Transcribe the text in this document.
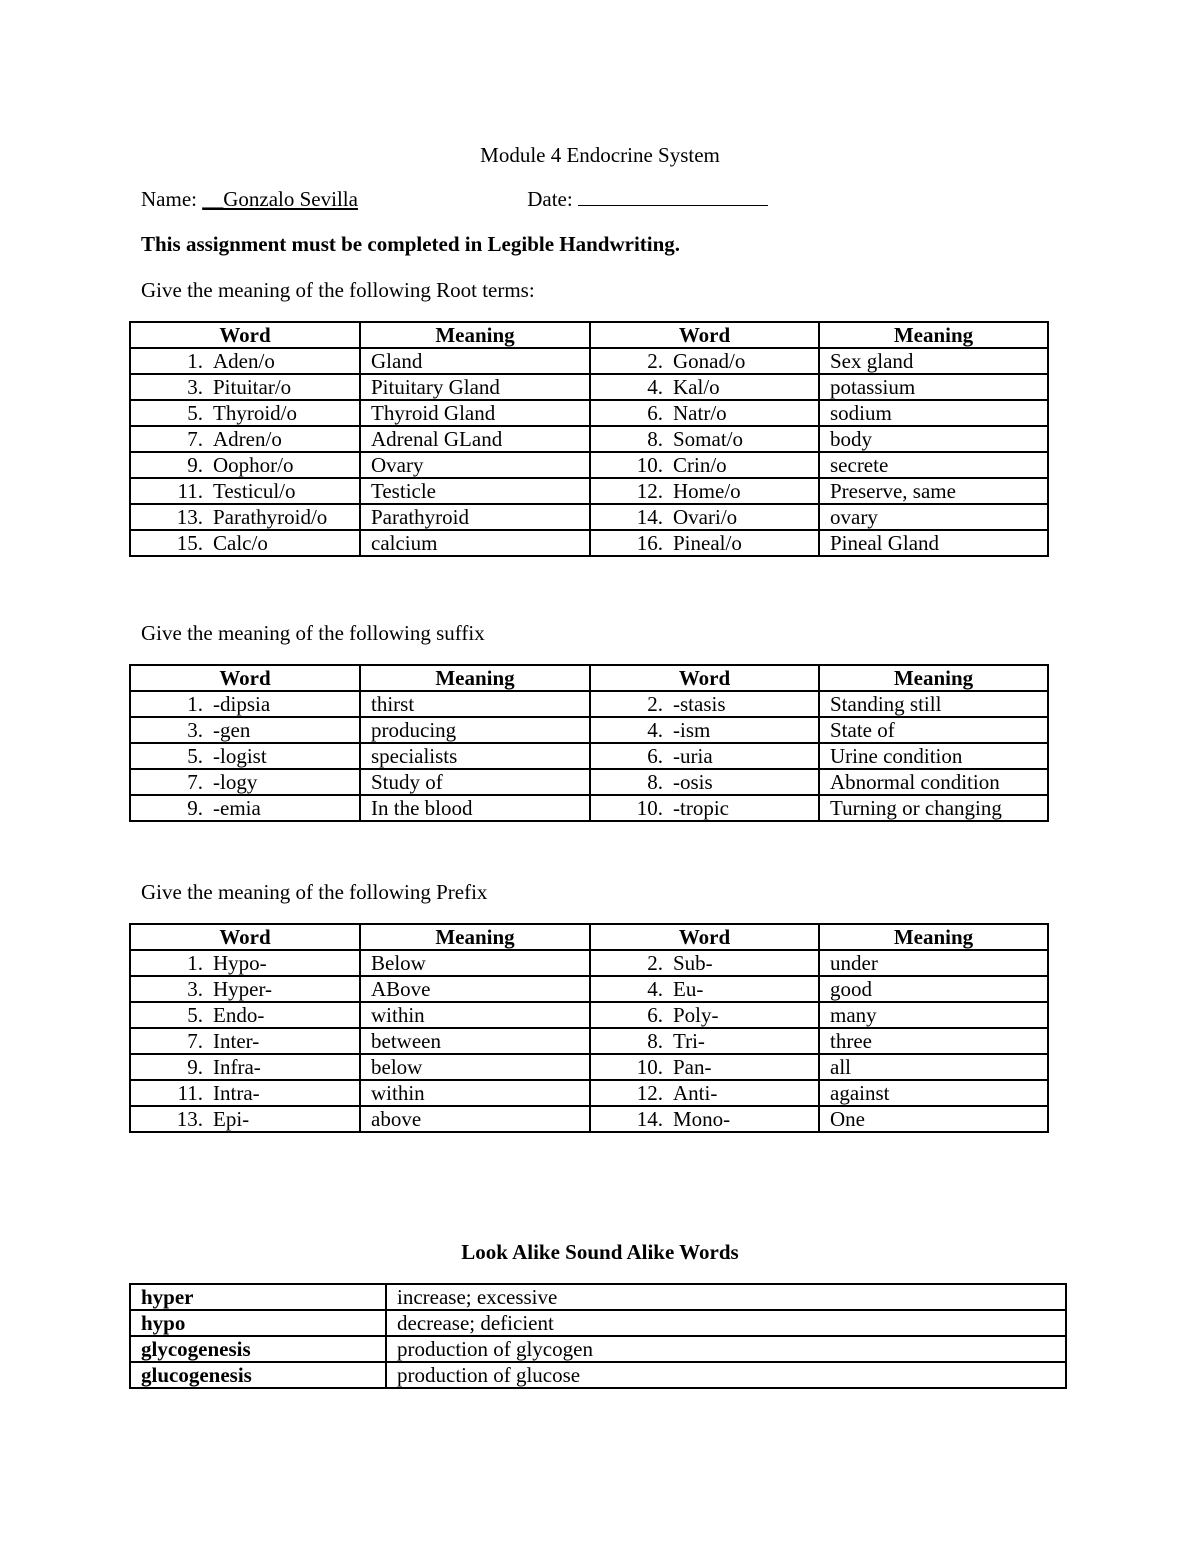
Module 4 Endocrine System
Name: __Gonzalo Sevilla	Date:
This assignment must be completed in Legible Handwriting.
Give the meaning of the following Root terms:
Word	Meaning	Word	Meaning
1. Aden/o	Gland	2. Gonad/o	Sex gland
3. Pituitar/o	Pituitary Gland	4. Kal/o	potassium
5. Thyroid/o	Thyroid Gland	6. Natr/o	sodium
7. Adren/o	Adrenal GLand	8. Somat/o	body
9. Oophor/o	Ovary	10. Crin/o	secrete
11. Testicul/o	Testicle	12. Home/o	Preserve, same
13. Parathyroid/o	Parathyroid	14. Ovari/o	ovary
15. Calc/o	calcium	16. Pineal/o	Pineal Gland
Give the meaning of the following suffix
Word	Meaning	Word	Meaning
1. -dipsia	thirst	2. -stasis	Standing still
3. -gen	producing	4. -ism	State of
5. -logist	specialists	6. -uria	Urine condition
7. -logy	Study of	8. -osis	Abnormal condition
9. -emia	In the blood	10. -tropic	Turning or changing
Give the meaning of the following Prefix
Word	Meaning	Word	Meaning
1. Hypo-	Below	2. Sub-	under
3. Hyper-	ABove	4. Eu-	good
5. Endo-	within	6. Poly-	many
7. Inter-	between	8. Tri-	three
9. Infra-	below	10. Pan-	all
11. Intra-	within	12. Anti-	against
13. Epi-	above	14. Mono-	One
Look Alike Sound Alike Words
hyper	increase; excessive
hypo	decrease; deficient
glycogenesis	production of glycogen
glucogenesis	production of glucose
